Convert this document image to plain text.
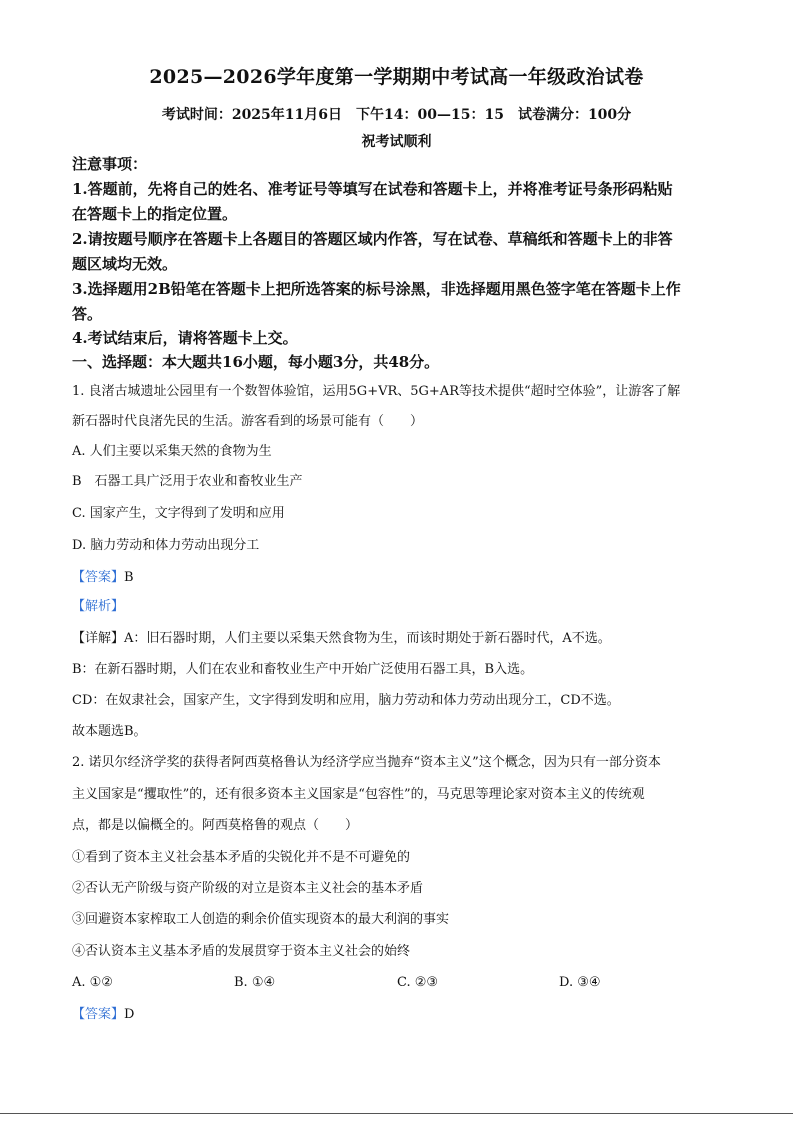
2025—2026学年度第一学期期中考试高一年级政治试卷
考试时间：2025年11月6日　下午14：00—15：15　试卷满分：100分
祝考试顺利
注意事项：
1.答题前，先将自己的姓名、准考证号等填写在试卷和答题卡上，并将准考证号条形码粘贴
在答题卡上的指定位置。
2.请按题号顺序在答题卡上各题目的答题区域内作答，写在试卷、草稿纸和答题卡上的非答
题区域均无效。
3.选择题用2B铅笔在答题卡上把所选答案的标号涂黑，非选择题用黑色签字笔在答题卡上作
答。
4.考试结束后，请将答题卡上交。
一、选择题：本大题共16小题，每小题3分，共48分。
1. 良渚古城遗址公园里有一个数智体验馆，运用5G+VR、5G+AR等技术提供“超时空体验”，让游客了解
新石器时代良渚先民的生活。游客看到的场景可能有（　　）
A. 人们主要以采集天然的食物为生
B　石器工具广泛用于农业和畜牧业生产
C. 国家产生，文字得到了发明和应用
D. 脑力劳动和体力劳动出现分工
【答案】B
【解析】
【详解】A：旧石器时期，人们主要以采集天然食物为生，而该时期处于新石器时代，A不选。
B：在新石器时期，人们在农业和畜牧业生产中开始广泛使用石器工具，B入选。
CD：在奴隶社会，国家产生，文字得到发明和应用，脑力劳动和体力劳动出现分工，CD不选。
故本题选B。
2. 诺贝尔经济学奖的获得者阿西莫格鲁认为经济学应当抛弃“资本主义”这个概念，因为只有一部分资本
主义国家是“攫取性”的，还有很多资本主义国家是“包容性”的，马克思等理论家对资本主义的传统观
点，都是以偏概全的。阿西莫格鲁的观点（　　）
①看到了资本主义社会基本矛盾的尖锐化并不是不可避免的
②否认无产阶级与资产阶级的对立是资本主义社会的基本矛盾
③回避资本家榨取工人创造的剩余价值实现资本的最大利润的事实
④否认资本主义基本矛盾的发展贯穿于资本主义社会的始终
A. ①②	B. ①④	C. ②③	D. ③④
【答案】D
